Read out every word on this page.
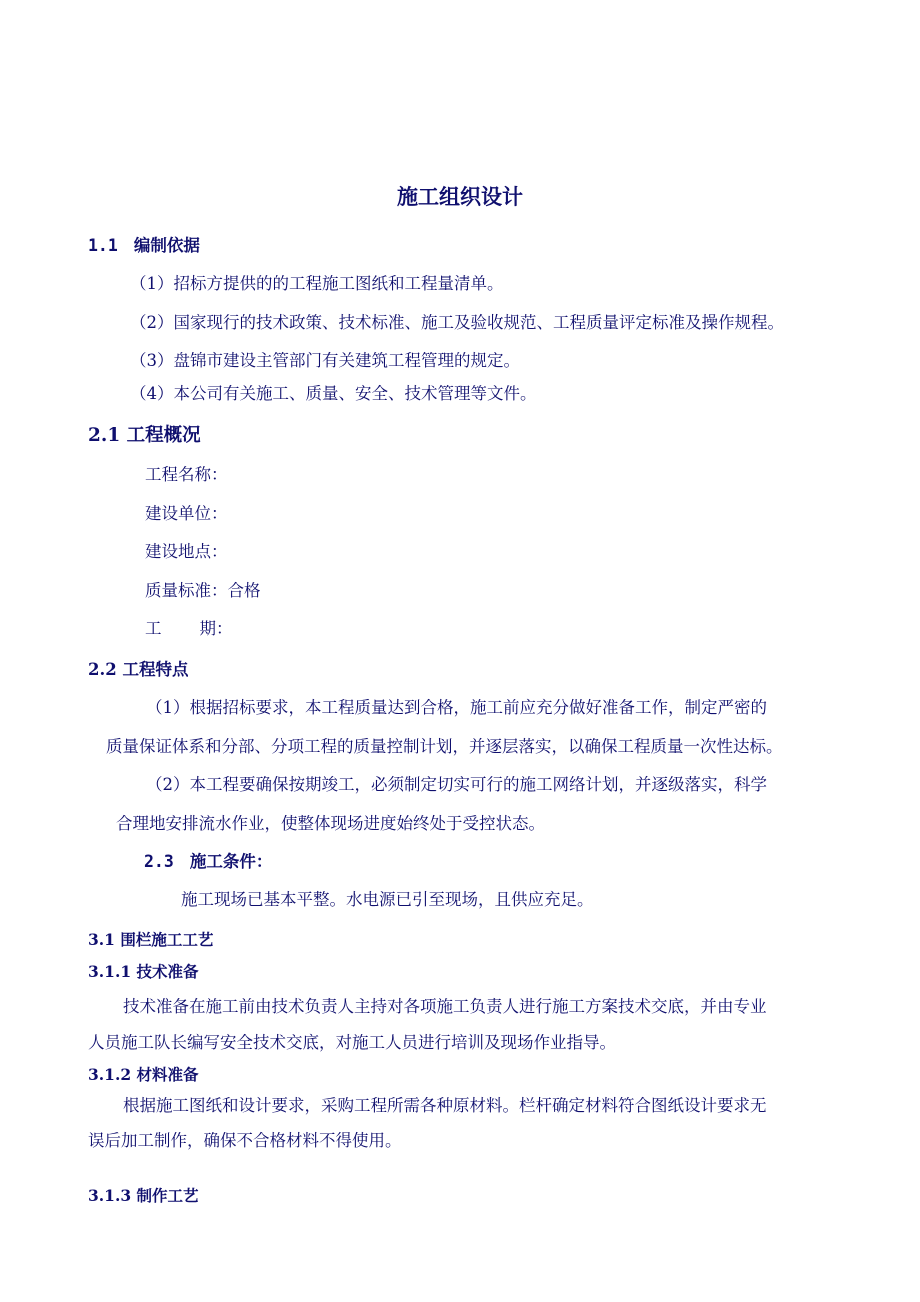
施工组织设计
1.1 编制依据
（1）招标方提供的的工程施工图纸和工程量清单。
（2）国家现行的技术政策、技术标准、施工及验收规范、工程质量评定标准及操作规程。
（3）盘锦市建设主管部门有关建筑工程管理的规定。
（4）本公司有关施工、质量、安全、技术管理等文件。
2.1 工程概况
工程名称：
建设单位：
建设地点：
质量标准：合格
工 期：
2.2 工程特点
（1）根据招标要求，本工程质量达到合格，施工前应充分做好准备工作，制定严密的
质量保证体系和分部、分项工程的质量控制计划，并逐层落实，以确保工程质量一次性达标。
（2）本工程要确保按期竣工，必须制定切实可行的施工网络计划，并逐级落实，科学
合理地安排流水作业，使整体现场进度始终处于受控状态。
2.3 施工条件：
施工现场已基本平整。水电源已引至现场，且供应充足。
3.1 围栏施工工艺
3.1.1 技术准备
技术准备在施工前由技术负责人主持对各项施工负责人进行施工方案技术交底，并由专业
人员施工队长编写安全技术交底，对施工人员进行培训及现场作业指导。
3.1.2 材料准备
根据施工图纸和设计要求，采购工程所需各种原材料。栏杆确定材料符合图纸设计要求无
误后加工制作，确保不合格材料不得使用。
3.1.3 制作工艺
